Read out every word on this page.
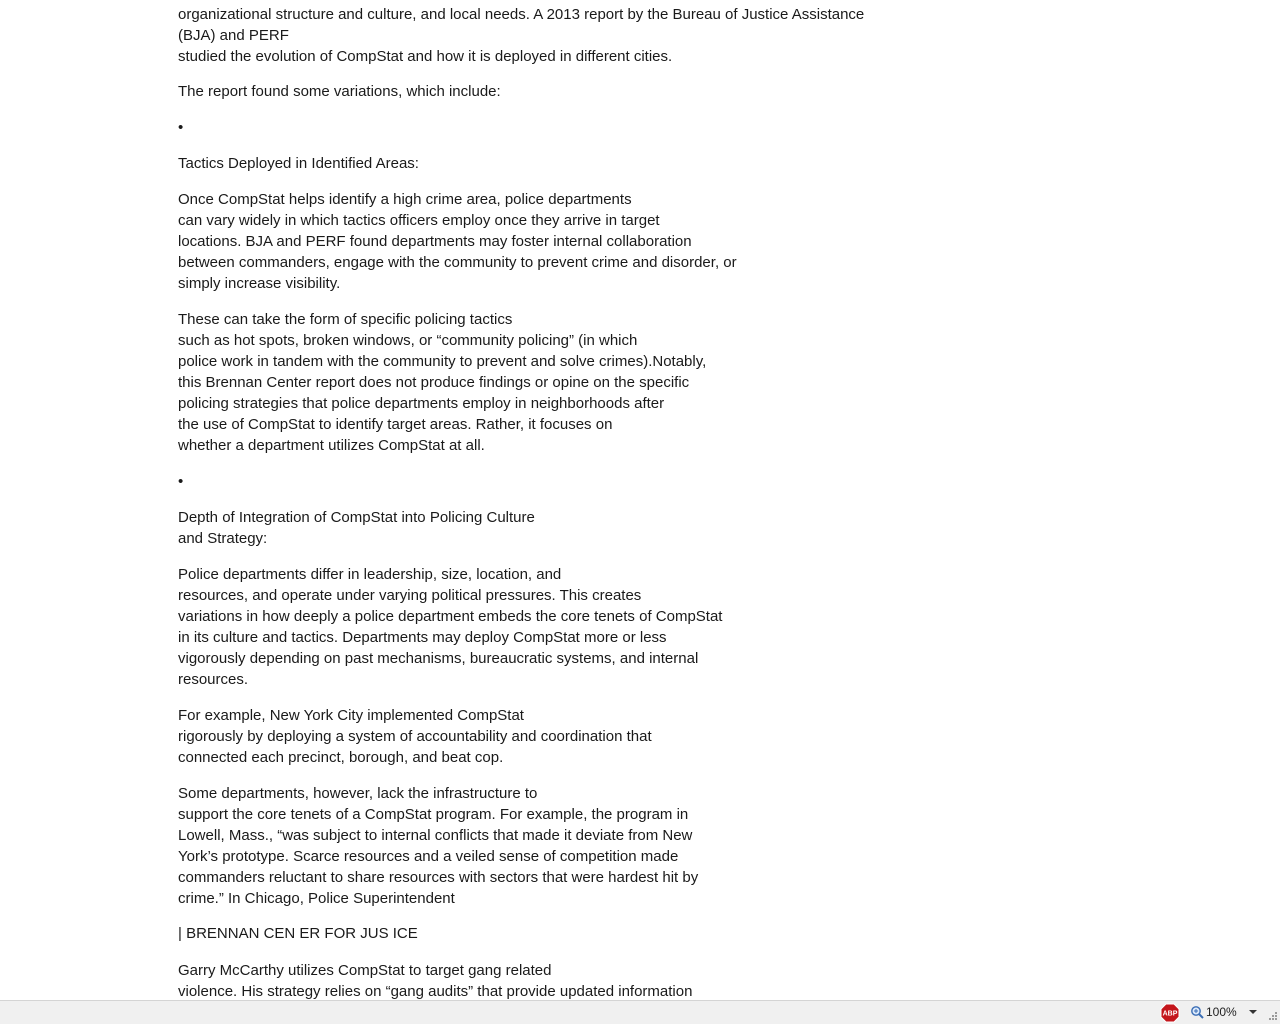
organizational structure and culture, and local needs. A 2013 report by the Bureau of Justice Assistance
(BJA) and PERF
studied the evolution of CompStat and how it is deployed in different cities.
The report found some variations, which include:
•
Tactics Deployed in Identified Areas:
Once CompStat helps identify a high crime area, police departments
can vary widely in which tactics officers employ once they arrive in target
locations. BJA and PERF found departments may foster internal collaboration
between commanders, engage with the community to prevent crime and disorder, or
simply increase visibility.
These can take the form of specific policing tactics
such as hot spots, broken windows, or “community policing” (in which
police work in tandem with the community to prevent and solve crimes).Notably,
this Brennan Center report does not produce findings or opine on the specific
policing strategies that police departments employ in neighborhoods after
the use of CompStat to identify target areas. Rather, it focuses on
whether a department utilizes CompStat at all.
•
Depth of Integration of CompStat into Policing Culture
and Strategy:
Police departments differ in leadership, size, location, and
resources, and operate under varying political pressures. This creates
variations in how deeply a police department embeds the core tenets of CompStat
in its culture and tactics. Departments may deploy CompStat more or less
vigorously depending on past mechanisms, bureaucratic systems, and internal
resources.
For example, New York City implemented CompStat
rigorously by deploying a system of accountability and coordination that
connected each precinct, borough, and beat cop.
Some departments, however, lack the infrastructure to
support the core tenets of a CompStat program. For example, the program in
Lowell, Mass., “was subject to internal conflicts that made it deviate from New
York’s prototype. Scarce resources and a veiled sense of competition made
commanders reluctant to share resources with sectors that were hardest hit by
crime.” In Chicago, Police Superintendent
| BRENNAN CEN ER FOR JUS ICE
Garry McCarthy utilizes CompStat to target gang related
violence. His strategy relies on “gang audits” that provide updated information
ABP 100%
